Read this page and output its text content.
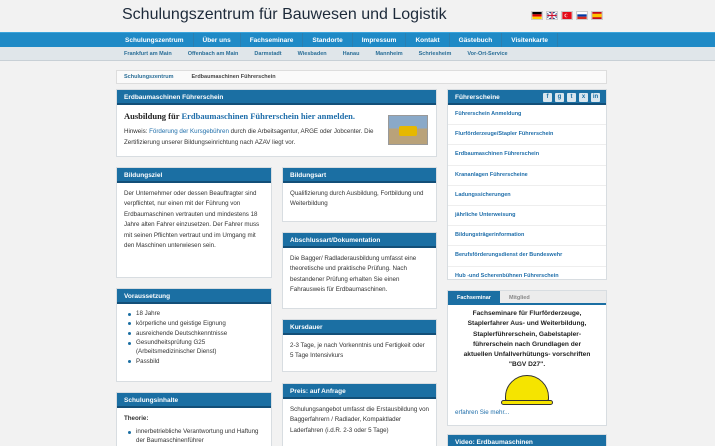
Schulungszentrum für Bauwesen und Logistik
Schulungszentrum	Über uns	Fachseminare	Standorte	Impressum	Kontakt	Gästebuch	Visitenkarte
Frankfurt am Main	Offenbach am Main	Darmstadt	Wiesbaden	Hanau	Mannheim	Schriesheim	Vor-Ort-Service
Schulungszentrum	Erdbaumaschinen Führerschein
Erdbaumaschinen Führerschein
Ausbildung für Erdbaumaschinen Führerschein hier anmelden.
Hinweis: Förderung der Kursgebühren durch die Arbeitsagentur, ARGE oder Jobcenter. Die Zertifizierung unserer Bildungseinrichtung nach AZAV liegt vor.
Bildungsziel
Der Unternehmer oder dessen Beauftragter sind verpflichtet, nur einen mit der Führung von Erdbaumaschinen vertrauten und mindestens 18 Jahre alten Fahrer einzusetzen. Der Fahrer muss mit seinen Pflichten vertraut und im Umgang mit den Maschinen unterwiesen sein.
Voraussetzung
18 Jahre
körperliche und geistige Eignung
ausreichende Deutschkenntnisse
Gesundheitsprüfung G25 (Arbeitsmedizinischer Dienst)
Passbild
Schulungsinhalte
Theorie:
innerbetriebliche Verantwortung und Haftung der Baumaschinenführer
Bildungsart
Qualifizierung durch Ausbildung, Fortbildung und Weiterbildung
Abschlussart/Dokumentation
Die Bagger/ Radladerausbildung umfasst eine theoretische und praktische Prüfung. Nach bestandener Prüfung erhalten Sie einen Fahrausweis für Erdbaumaschinen.
Kursdauer
2-3 Tage, je nach Vorkenntnis und Fertigkeit oder 5 Tage Intensivkurs
Preis: auf Anfrage
Schulungsangebot umfasst die Erstausbildung von Baggerfahrern / Radlader, Kompaktlader Laderfahren (i.d.R. 2-3 oder 5 Tage)
Führerscheine	f	g	t	x	in
Führerschein Anmeldung
Flurförderzeuge/Stapler Führerschein
Erdbaumaschinen Führerschein
Krananlagen Führerscheine
Ladungssicherungen
jährliche Unterweisung
Bildungsträgerinformation
Berufsförderungsdienst der Bundeswehr
Hub -und Scherenbühnen Führerschein
Fachseminar	Mitglied
Fachseminare für Flurförderzeuge, Staplerfahrer Aus- und Weiterbildung, Staplerführerschein, Gabelstapler-führerschein nach Grundlagen der aktuellen Unfallverhütungs- vorschriften "BGV D27".
erfahren Sie mehr...
Video: Erdbaumaschinen
